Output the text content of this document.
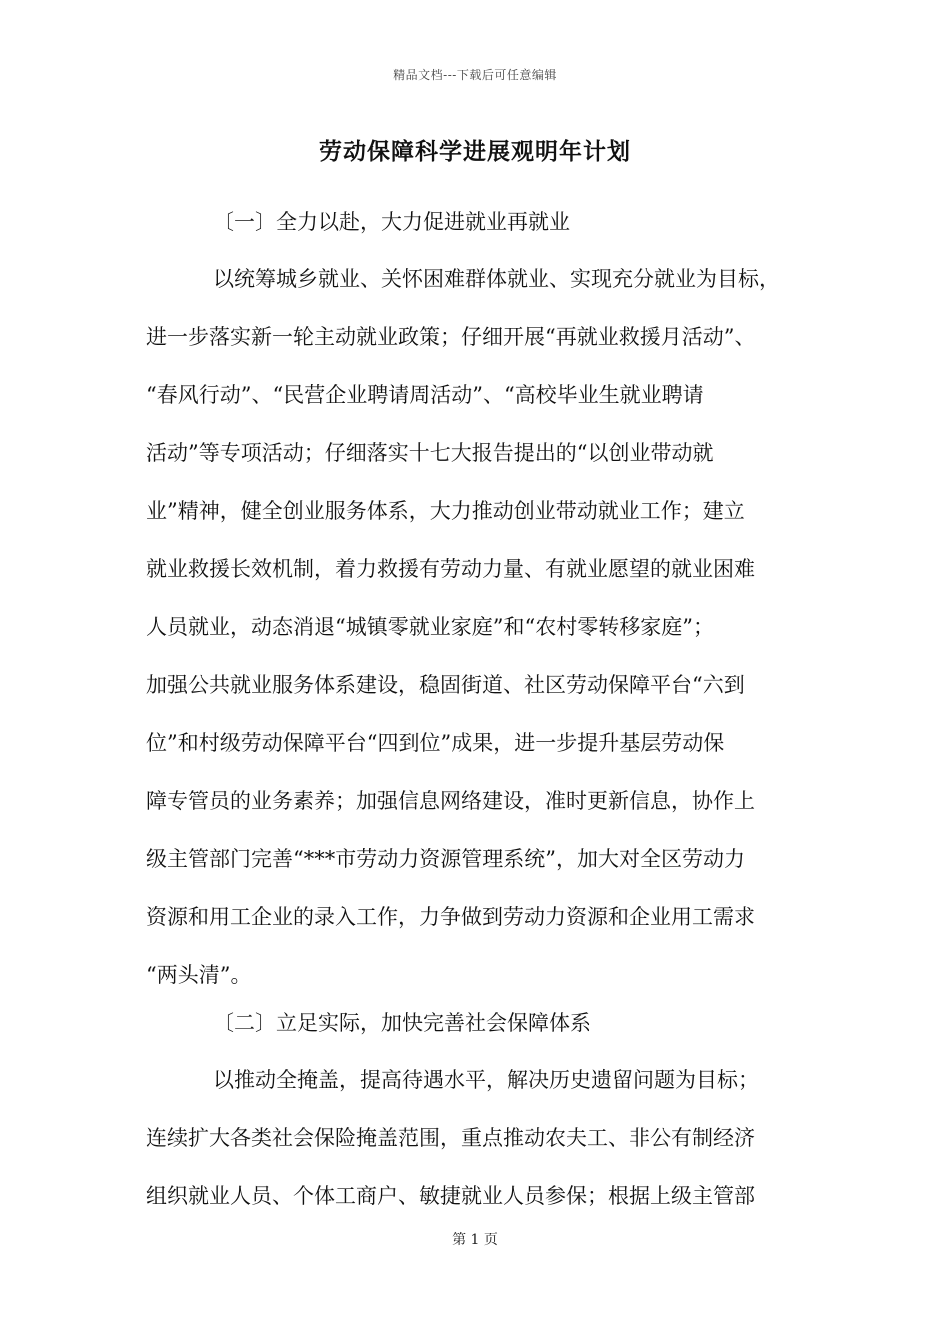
精品文档---下载后可任意编辑
劳动保障科学进展观明年计划
〔一〕全力以赴，大力促进就业再就业
以统筹城乡就业、关怀困难群体就业、实现充分就业为目标，
进一步落实新一轮主动就业政策；仔细开展“再就业救援月活动”、
“春风行动”、“民营企业聘请周活动”、“高校毕业生就业聘请
活动”等专项活动；仔细落实十七大报告提出的“以创业带动就
业”精神，健全创业服务体系，大力推动创业带动就业工作；建立
就业救援长效机制，着力救援有劳动力量、有就业愿望的就业困难
人员就业，动态消退“城镇零就业家庭”和“农村零转移家庭”；
加强公共就业服务体系建设，稳固街道、社区劳动保障平台“六到
位”和村级劳动保障平台“四到位”成果，进一步提升基层劳动保
障专管员的业务素养；加强信息网络建设，准时更新信息，协作上
级主管部门完善“***市劳动力资源管理系统”，加大对全区劳动力
资源和用工企业的录入工作，力争做到劳动力资源和企业用工需求
“两头清”。
〔二〕立足实际，加快完善社会保障体系
以推动全掩盖，提高待遇水平，解决历史遗留问题为目标；
连续扩大各类社会保险掩盖范围，重点推动农夫工、非公有制经济
组织就业人员、个体工商户、敏捷就业人员参保；根据上级主管部
第 1 页
